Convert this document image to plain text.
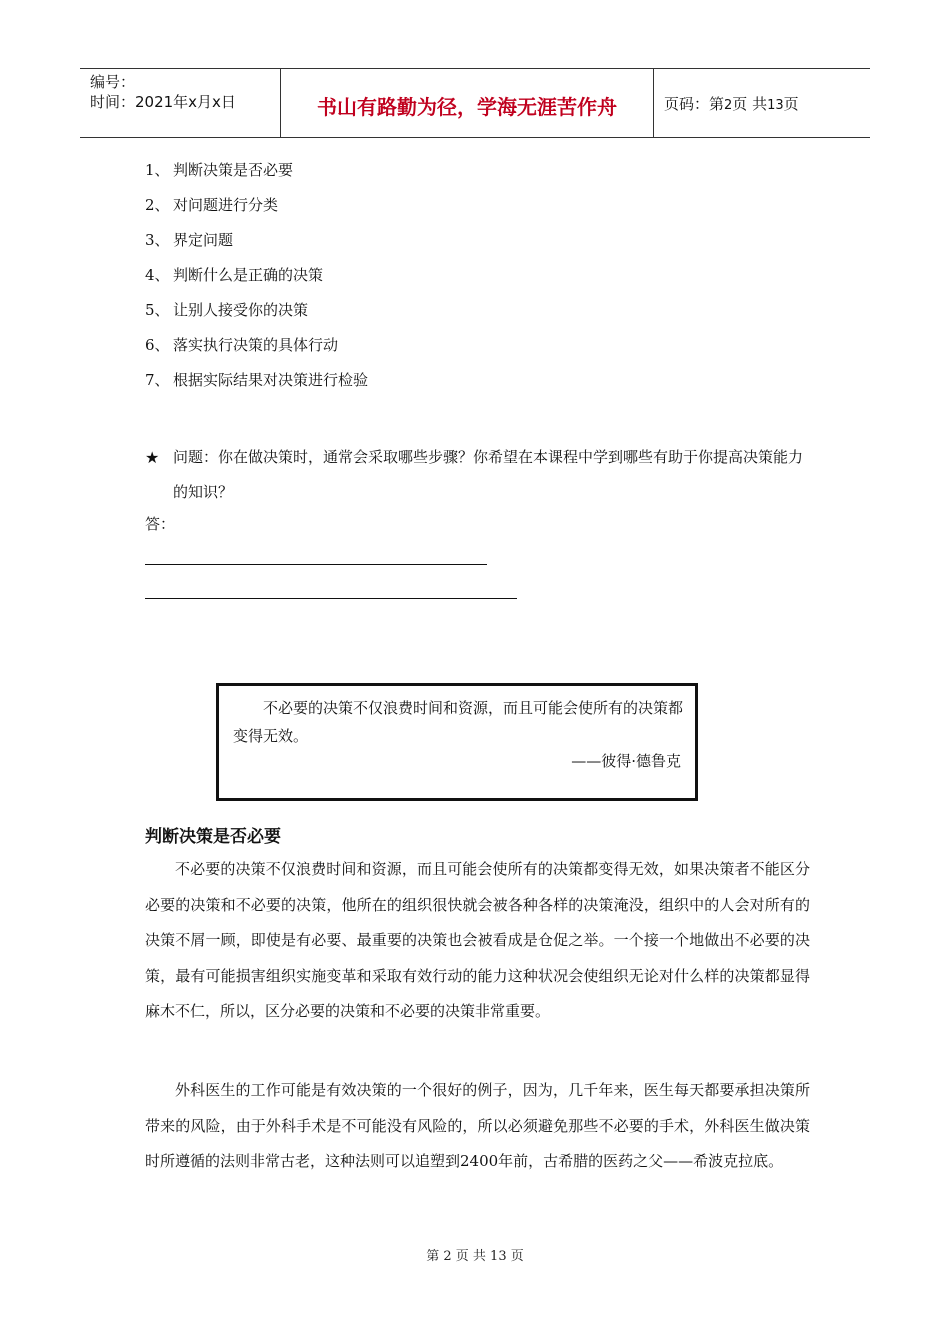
编号：
时间：2021年x月x日	书山有路勤为径，学海无涯苦作舟	页码：第2页 共13页
1、 判断决策是否必要
2、 对问题进行分类
3、 界定问题
4、 判断什么是正确的决策
5、 让别人接受你的决策
6、 落实执行决策的具体行动
7、 根据实际结果对决策进行检验
★ 问题：你在做决策时，通常会采取哪些步骤？你希望在本课程中学到哪些有助于你提高决策能力的知识？
答：
不必要的决策不仅浪费时间和资源，而且可能会使所有的决策都变得无效。
——彼得·德鲁克
判断决策是否必要

不必要的决策不仅浪费时间和资源，而且可能会使所有的决策都变得无效，如果决策者不能区分必要的决策和不必要的决策，他所在的组织很快就会被各种各样的决策淹没，组织中的人会对所有的决策不屑一顾，即使是有必要、最重要的决策也会被看成是仓促之举。一个接一个地做出不必要的决策，最有可能损害组织实施变革和采取有效行动的能力这种状况会使组织无论对什么样的决策都显得麻木不仁，所以，区分必要的决策和不必要的决策非常重要。

外科医生的工作可能是有效决策的一个很好的例子，因为，几千年来，医生每天都要承担决策所带来的风险，由于外科手术是不可能没有风险的，所以必须避免那些不必要的手术，外科医生做决策时所遵循的法则非常古老，这种法则可以追塑到2400年前，古希腊的医药之父——希波克拉底。

第 2 页 共 13 页
